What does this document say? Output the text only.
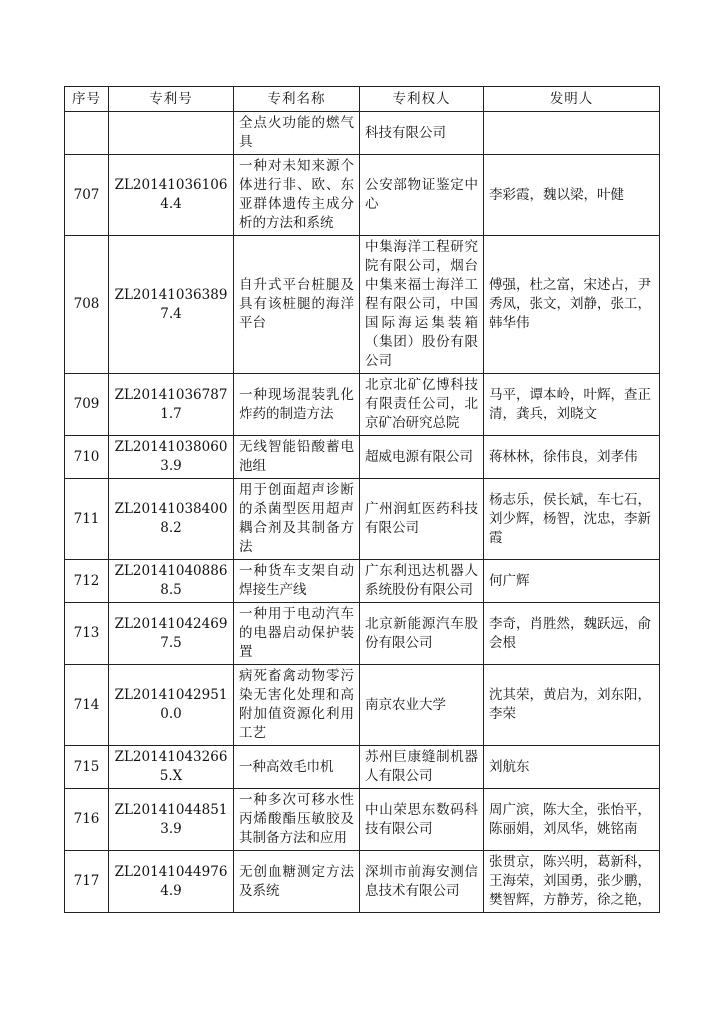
序号	专利号	专利名称	专利权人	发明人
		全点火功能的燃气具	科技有限公司	
707	ZL201410361064.4	一种对未知来源个体进行非、欧、东亚群体遗传主成分析的方法和系统	公安部物证鉴定中心	李彩霞，魏以梁，叶健
708	ZL201410363897.4	自升式平台桩腿及具有该桩腿的海洋平台	中集海洋工程研究院有限公司，烟台中集来福士海洋工程有限公司，中国国际海运集装箱（集团）股份有限公司	傅强，杜之富，宋述占，尹秀凤，张文，刘静，张工，韩华伟
709	ZL201410367871.7	一种现场混装乳化炸药的制造方法	北京北矿亿博科技有限责任公司，北京矿冶研究总院	马平，谭本岭，叶辉，查正清，龚兵，刘晓文
710	ZL201410380603.9	无线智能铅酸蓄电池组	超威电源有限公司	蒋林林，徐伟良，刘孝伟
711	ZL201410384008.2	用于创面超声诊断的杀菌型医用超声耦合剂及其制备方法	广州润虹医药科技有限公司	杨志乐，侯长斌，车七石，刘少辉，杨智，沈忠，李新霞
712	ZL201410408868.5	一种货车支架自动焊接生产线	广东利迅达机器人系统股份有限公司	何广辉
713	ZL201410424697.5	一种用于电动汽车的电器启动保护装置	北京新能源汽车股份有限公司	李奇，肖胜然，魏跃远，俞会根
714	ZL201410429510.0	病死畜禽动物零污染无害化处理和高附加值资源化利用工艺	南京农业大学	沈其荣，黄启为，刘东阳，李荣
715	ZL201410432665.X	一种高效毛巾机	苏州巨康缝制机器人有限公司	刘航东
716	ZL201410448513.9	一种多次可移水性丙烯酸酯压敏胶及其制备方法和应用	中山荣思东数码科技有限公司	周广滨，陈大全，张怡平，陈丽娟，刘凤华，姚铭南
717	ZL201410449764.9	无创血糖测定方法及系统	深圳市前海安测信息技术有限公司	张贯京，陈兴明，葛新科，王海荣，刘国勇，张少鹏，樊智辉，方静芳，徐之艳，
